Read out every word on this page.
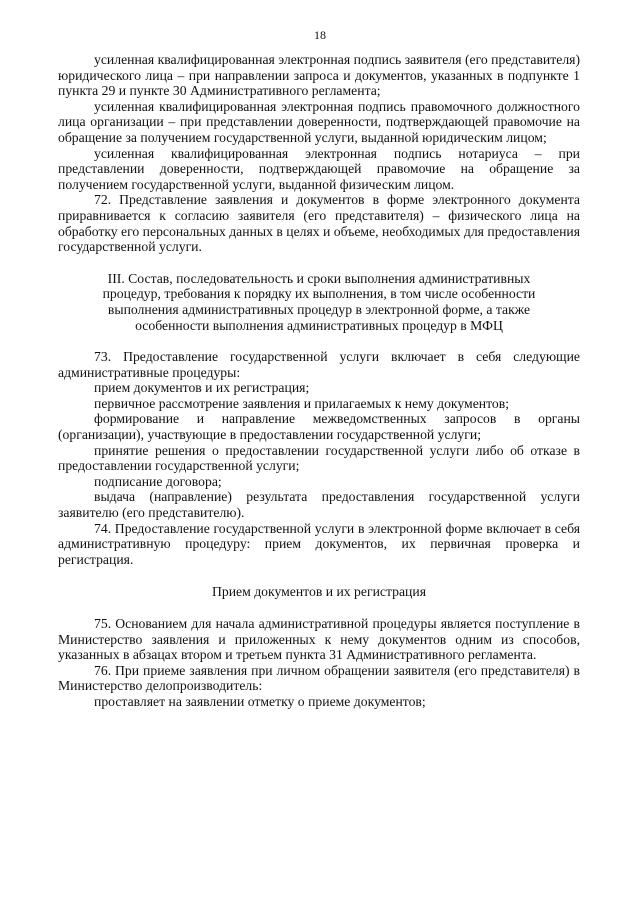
18

усиленная квалифицированная электронная подпись заявителя (его представителя) юридического лица – при направлении запроса и документов, указанных в подпункте 1 пункта 29 и пункте 30 Административного регламента;

усиленная квалифицированная электронная подпись правомочного должностного лица организации – при представлении доверенности, подтверждающей правомочие на обращение за получением государственной услуги, выданной юридическим лицом;

усиленная квалифицированная электронная подпись нотариуса – при представлении доверенности, подтверждающей правомочие на обращение за получением государственной услуги, выданной физическим лицом.

72. Представление заявления и документов в форме электронного документа приравнивается к согласию заявителя (его представителя) – физического лица на обработку его персональных данных в целях и объеме, необходимых для предоставления государственной услуги.

III. Состав, последовательность и сроки выполнения административных
процедур, требования к порядку их выполнения, в том числе особенности
выполнения административных процедур в электронной форме, а также
особенности выполнения административных процедур в МФЦ

73. Предоставление государственной услуги включает в себя следующие административные процедуры:

прием документов и их регистрация;

первичное рассмотрение заявления и прилагаемых к нему документов;

формирование и направление межведомственных запросов в органы (организации), участвующие в предоставлении государственной услуги;

принятие решения о предоставлении государственной услуги либо об отказе в предоставлении государственной услуги;

подписание договора;

выдача (направление) результата предоставления государственной услуги заявителю (его представителю).

74. Предоставление государственной услуги в электронной форме включает в себя административную процедуру: прием документов, их первичная проверка и регистрация.

Прием документов и их регистрация

75. Основанием для начала административной процедуры является поступление в Министерство заявления и приложенных к нему документов одним из способов, указанных в абзацах втором и третьем пункта 31 Административного регламента.

76. При приеме заявления при личном обращении заявителя (его представителя) в Министерство делопроизводитель:

проставляет на заявлении отметку о приеме документов;
